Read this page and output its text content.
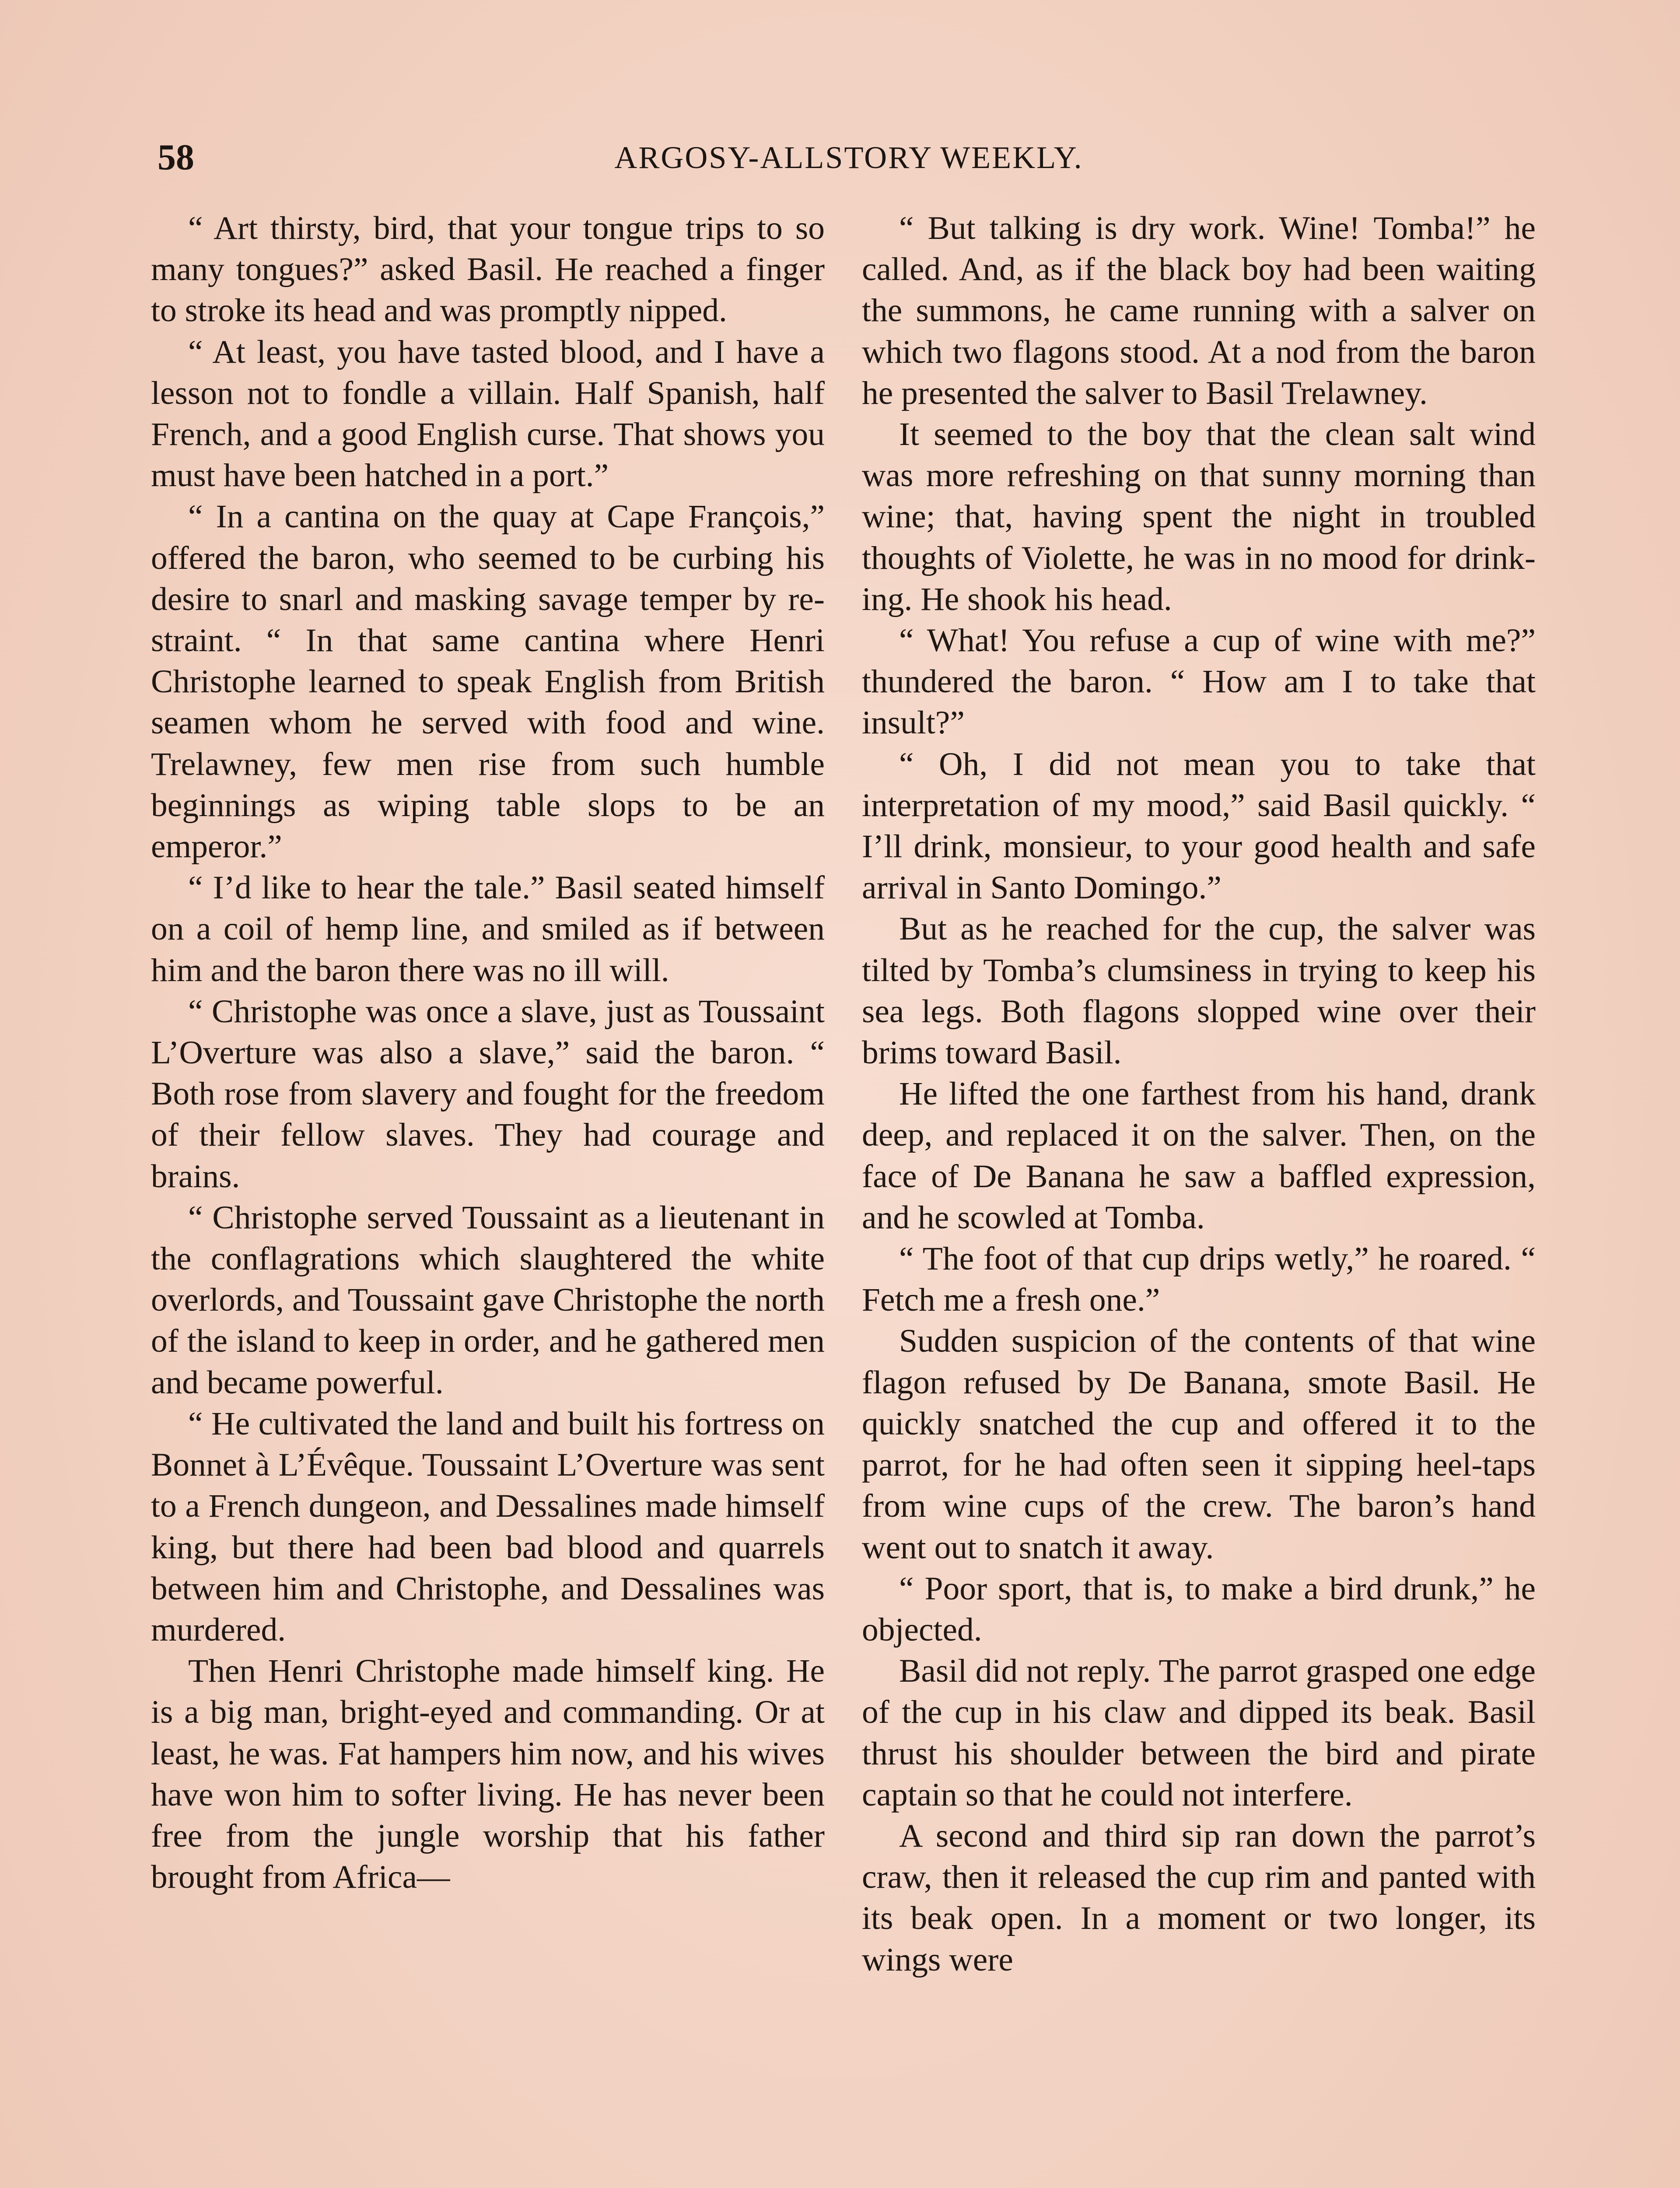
58	ARGOSY-ALLSTORY WEEKLY.

“ Art thirsty, bird, that your tongue trips to so many tongues?” asked Basil. He reached a finger to stroke its head and was promptly nipped.

“ At least, you have tasted blood, and I have a lesson not to fondle a villain. Half Spanish, half French, and a good English curse. That shows you must have been hatched in a port.”

“ In a cantina on the quay at Cape François,” offered the baron, who seemed to be curbing his desire to snarl and masking savage temper by restraint. “ In that same cantina where Henri Christophe learned to speak English from British seamen whom he served with food and wine. Trelawney, few men rise from such humble beginnings as wiping table slops to be an emperor.”

“ I’d like to hear the tale.” Basil seated himself on a coil of hemp line, and smiled as if between him and the baron there was no ill will.

“ Christophe was once a slave, just as Toussaint L’Overture was also a slave,” said the baron. “ Both rose from slavery and fought for the freedom of their fellow slaves. They had courage and brains.

“ Christophe served Toussaint as a lieutenant in the conflagrations which slaughtered the white overlords, and Toussaint gave Christophe the north of the island to keep in order, and he gathered men and became powerful.

“ He cultivated the land and built his fortress on Bonnet à L’Évêque. Toussaint L’Overture was sent to a French dungeon, and Dessalines made himself king, but there had been bad blood and quarrels between him and Christophe, and Dessalines was murdered.

Then Henri Christophe made himself king. He is a big man, bright-eyed and commanding. Or at least, he was. Fat hampers him now, and his wives have won him to softer living. He has never been free from the jungle worship that his father brought from Africa—

“ But talking is dry work. Wine! Tomba!” he called. And, as if the black boy had been waiting the summons, he came running with a salver on which two flagons stood. At a nod from the baron he presented the salver to Basil Trelawney.

It seemed to the boy that the clean salt wind was more refreshing on that sunny morning than wine; that, having spent the night in troubled thoughts of Violette, he was in no mood for drinking. He shook his head.

“ What! You refuse a cup of wine with me?” thundered the baron. “ How am I to take that insult?”

“ Oh, I did not mean you to take that interpretation of my mood,” said Basil quickly. “ I’ll drink, monsieur, to your good health and safe arrival in Santo Domingo.”

But as he reached for the cup, the salver was tilted by Tomba’s clumsiness in trying to keep his sea legs. Both flagons slopped wine over their brims toward Basil.

He lifted the one farthest from his hand, drank deep, and replaced it on the salver. Then, on the face of De Banana he saw a baffled expression, and he scowled at Tomba.

“ The foot of that cup drips wetly,” he roared. “ Fetch me a fresh one.”

Sudden suspicion of the contents of that wine flagon refused by De Banana, smote Basil. He quickly snatched the cup and offered it to the parrot, for he had often seen it sipping heel-taps from wine cups of the crew. The baron’s hand went out to snatch it away.

“ Poor sport, that is, to make a bird drunk,” he objected.

Basil did not reply. The parrot grasped one edge of the cup in his claw and dipped its beak. Basil thrust his shoulder between the bird and pirate captain so that he could not interfere.

A second and third sip ran down the parrot’s craw, then it released the cup rim and panted with its beak open. In a moment or two longer, its wings were
